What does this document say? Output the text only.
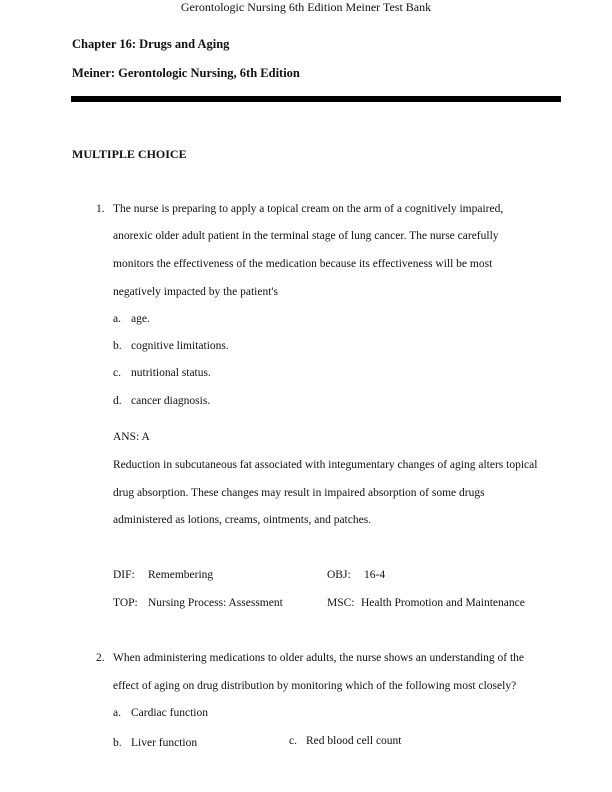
Gerontologic Nursing 6th Edition Meiner Test Bank
Chapter 16: Drugs and Aging
Meiner: Gerontologic Nursing, 6th Edition
MULTIPLE CHOICE
1. The nurse is preparing to apply a topical cream on the arm of a cognitively impaired,
anorexic older adult patient in the terminal stage of lung cancer. The nurse carefully
monitors the effectiveness of the medication because its effectiveness will be most
negatively impacted by the patient's
a. age.
b. cognitive limitations.
c. nutritional status.
d. cancer diagnosis.
ANS: A
Reduction in subcutaneous fat associated with integumentary changes of aging alters topical
drug absorption. These changes may result in impaired absorption of some drugs
administered as lotions, creams, ointments, and patches.
DIF: Remembering	OBJ: 16-4
TOP: Nursing Process: Assessment	MSC: Health Promotion and Maintenance
2. When administering medications to older adults, the nurse shows an understanding of the
effect of aging on drug distribution by monitoring which of the following most closely?
a. Cardiac function
b. Liver function	c. Red blood cell count
